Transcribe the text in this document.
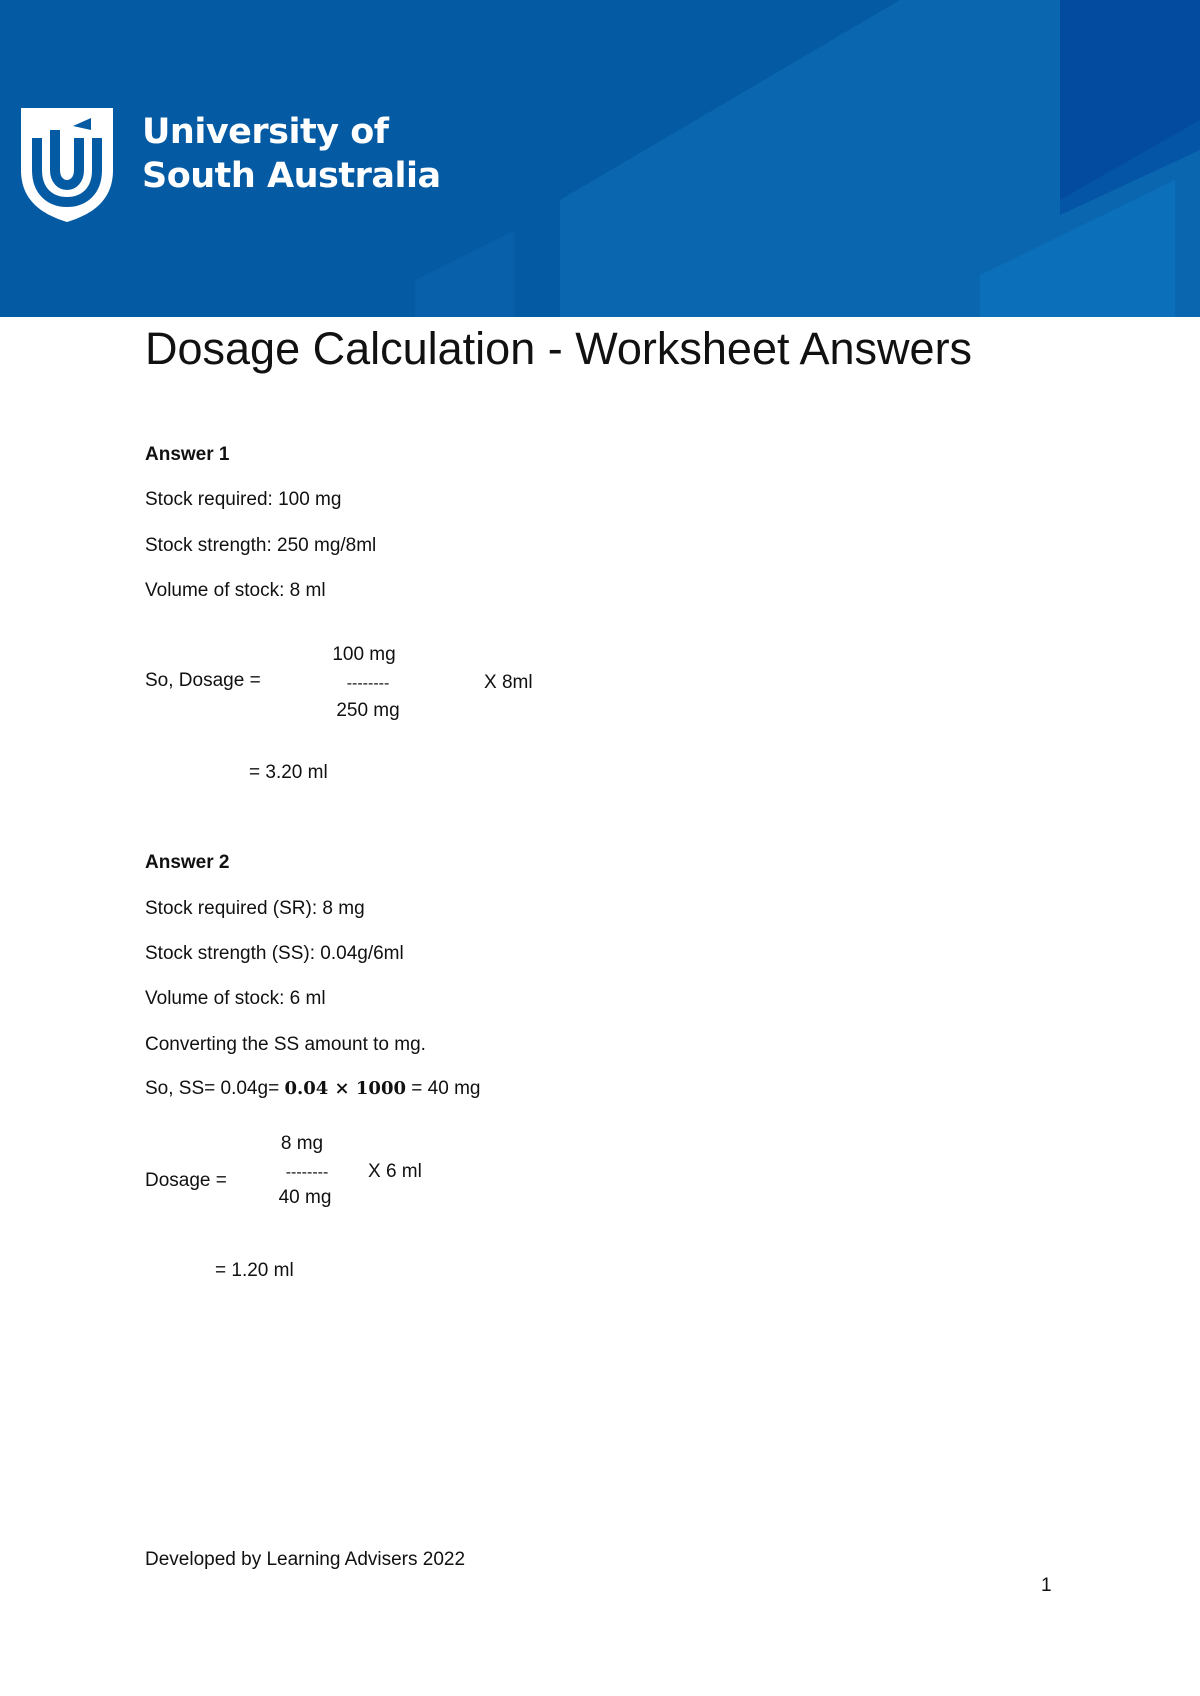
University of
South Australia
Dosage Calculation - Worksheet Answers
Answer 1
Stock required: 100 mg
Stock strength: 250 mg/8ml
Volume of stock: 8 ml
So, Dosage =
100 mg
--------
250 mg
X 8ml
= 3.20 ml
Answer 2
Stock required (SR): 8 mg
Stock strength (SS): 0.04g/6ml
Volume of stock: 6 ml
Converting the SS amount to mg.
So, SS= 0.04g= 0.04 × 1000 = 40 mg
8 mg
Dosage =	--------
40 mg
X 6 ml
= 1.20 ml
Developed by Learning Advisers 2022
1
